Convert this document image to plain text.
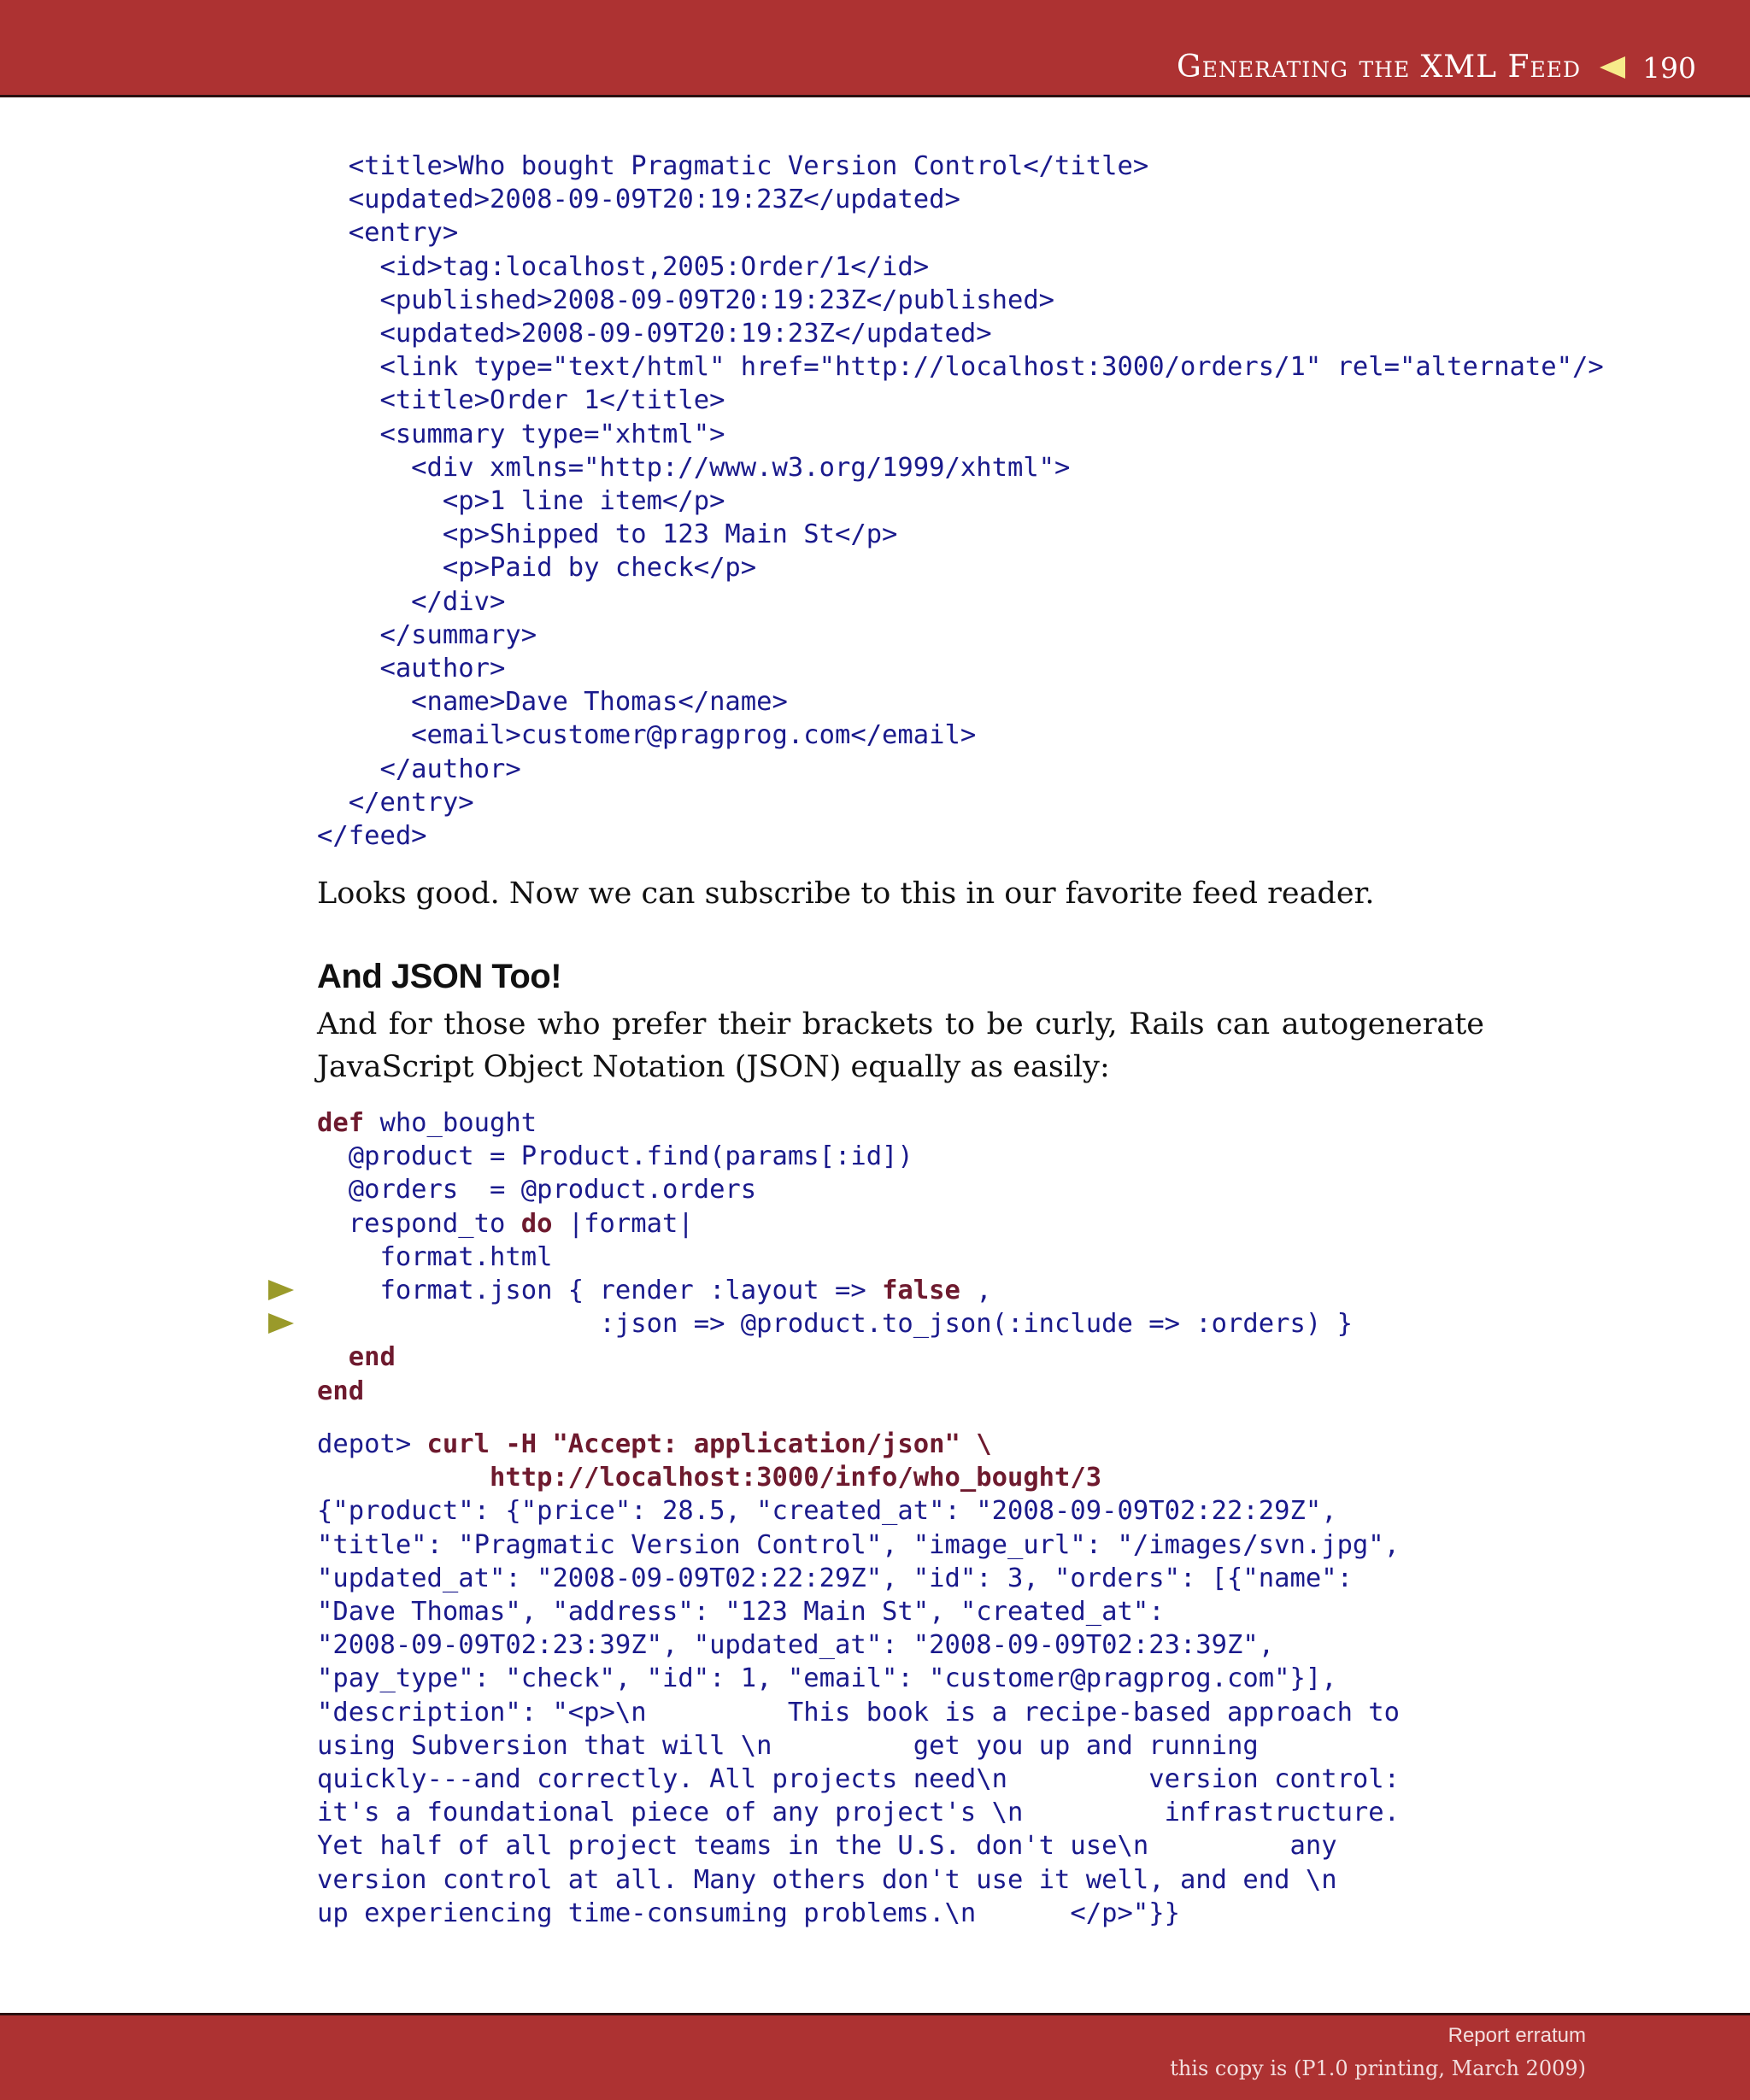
Generating the XML Feed 190
<title>Who bought Pragmatic Version Control</title>
<updated>2008-09-09T20:19:23Z</updated>
<entry>
<id>tag:localhost,2005:Order/1</id>
<published>2008-09-09T20:19:23Z</published>
<updated>2008-09-09T20:19:23Z</updated>
<link type="text/html" href="http://localhost:3000/orders/1" rel="alternate"/>
<title>Order 1</title>
<summary type="xhtml">
<div xmlns="http://www.w3.org/1999/xhtml">
<p>1 line item</p>
<p>Shipped to 123 Main St</p>
<p>Paid by check</p>
</div>
</summary>
<author>
<name>Dave Thomas</name>
<email>customer@pragprog.com</email>
</author>
</entry>
</feed>

Looks good. Now we can subscribe to this in our favorite feed reader.

And JSON Too!

And for those who prefer their brackets to be curly, Rails can autogenerate JavaScript Object Notation (JSON) equally as easily:

def who_bought
@product = Product.find(params[:id])
@orders  = @product.orders
respond_to do |format|
format.html
format.json { render :layout => false ,
:json => @product.to_json(:include => :orders) }
end
end
depot> curl -H "Accept: application/json" \
http://localhost:3000/info/who_bought/3
{"product": {"price": 28.5, "created_at": "2008-09-09T02:22:29Z",
"title": "Pragmatic Version Control", "image_url": "/images/svn.jpg",
"updated_at": "2008-09-09T02:22:29Z", "id": 3, "orders": [{"name":
"Dave Thomas", "address": "123 Main St", "created_at":
"2008-09-09T02:23:39Z", "updated_at": "2008-09-09T02:23:39Z",
"pay_type": "check", "id": 1, "email": "customer@pragprog.com"}],
"description": "<p>\n         This book is a recipe-based approach to
using Subversion that will \n         get you up and running
quickly---and correctly. All projects need\n         version control:
it's a foundational piece of any project's \n         infrastructure.
Yet half of all project teams in the U.S. don't use\n         any
version control at all. Many others don't use it well, and end \n
up experiencing time-consuming problems.\n      </p>"}}
Report erratum
this copy is (P1.0 printing, March 2009)
